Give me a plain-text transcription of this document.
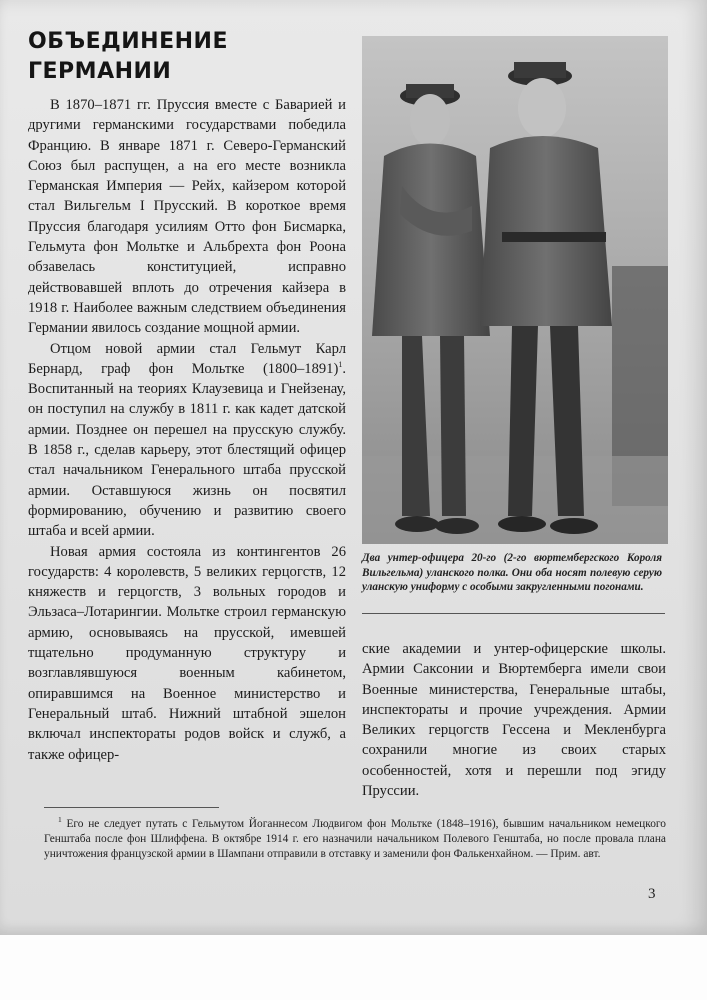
ОБЪЕДИНЕНИЕ
ГЕРМАНИИ

В 1870–1871 гг. Пруссия вместе с Баварией и другими германскими государствами победила Францию. В январе 1871 г. Северо-Германский Союз был распущен, а на его месте возникла Германская Империя — Рейх, кайзером которой стал Вильгельм I Прусский. В короткое время Пруссия благодаря усилиям Отто фон Бисмарка, Гельмута фон Мольтке и Альбрехта фон Роона обзавелась конституцией, исправно действовавшей вплоть до отречения кайзера в 1918 г. Наиболее важным следствием объединения Германии явилось создание мощной армии.

Отцом новой армии стал Гельмут Карл Бернард, граф фон Мольтке (1800–1891)$^1$. Воспитанный на теориях Клаузевица и Гнейзенау, он поступил на службу в 1811 г. как кадет датской армии. Позднее он перешел на прусскую службу. В 1858 г., сделав карьеру, этот блестящий офицер стал начальником Генерального штаба прусской армии. Оставшуюся жизнь он посвятил формированию, обучению и развитию своего штаба и всей армии.

Новая армия состояла из контингентов 26 государств: 4 королевств, 5 великих герцогств, 12 княжеств и герцогств, 3 вольных городов и Эльзаса–Лотарингии. Мольтке строил германскую армию, основываясь на прусской, имевшей тщательно продуманную структуру и возглавлявшуюся военным кабинетом, опиравшимся на Военное министерство и Генеральный штаб. Нижний штабной эшелон включал инспектораты родов войск и служб, а также офицер-

Два унтер-офицера 20-го (2-го вюртембергского Короля Вильгельма) уланского полка. Они оба носят полевую серую уланскую униформу с особыми закругленными погонами.

ские академии и унтер-офицерские школы. Армии Саксонии и Вюртемберга имели свои Военные министерства, Генеральные штабы, инспектораты и прочие учреждения. Армии Великих герцогств Гессена и Мекленбурга сохранили многие из своих старых особенностей, хотя и перешли под эгиду Пруссии.

$^1$ Его не следует путать с Гельмутом Йоганнесом Людвигом фон Мольтке (1848–1916), бывшим начальником немецкого Генштаба после фон Шлиффена. В октябре 1914 г. его назначили начальником Полевого Генштаба, но после провала плана уничтожения французской армии в Шампани отправили в отставку и заменили фон Фалькенхайном. — Прим. авт.

3
